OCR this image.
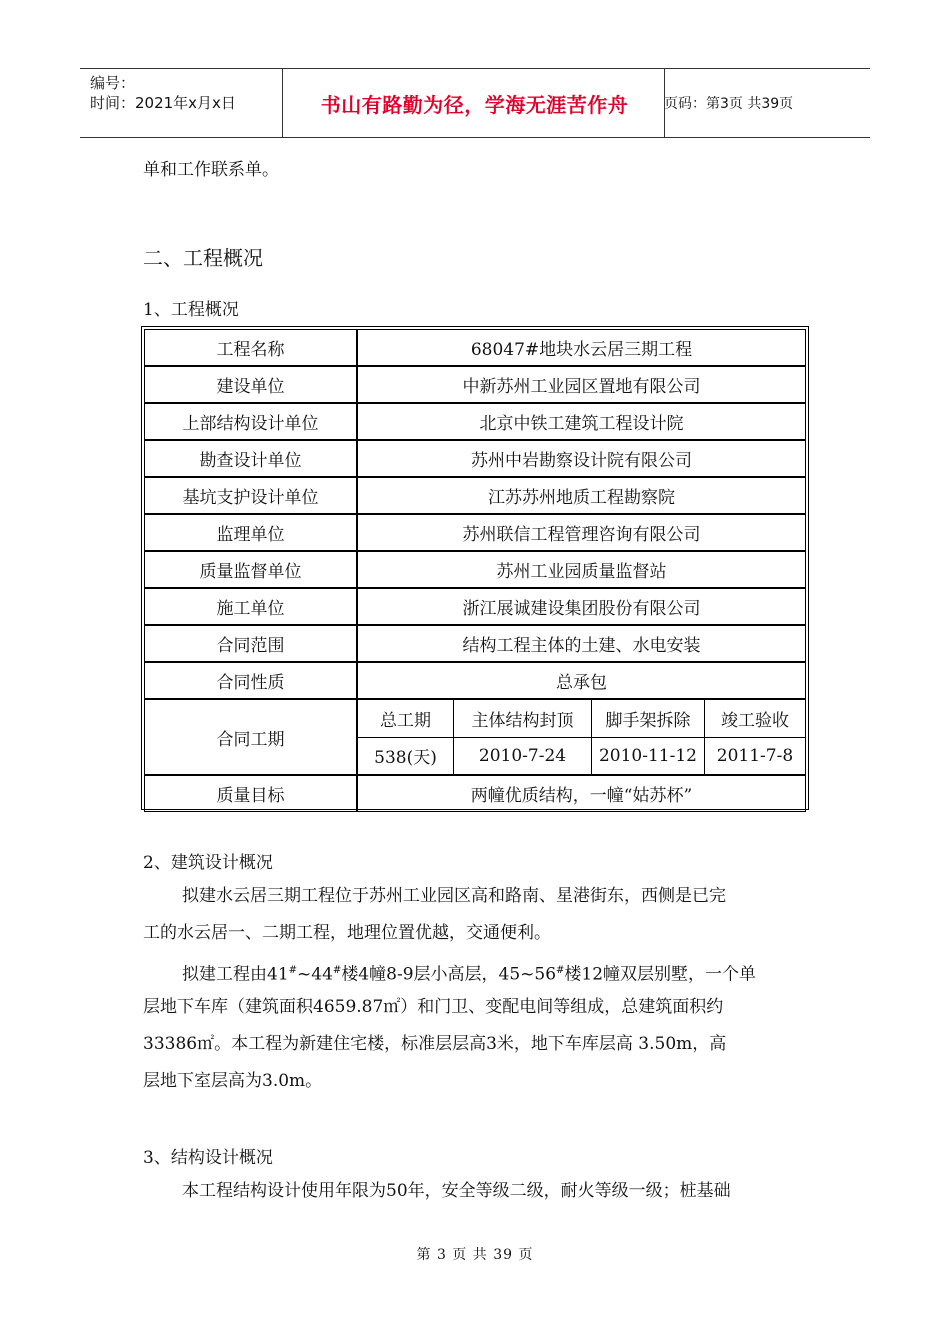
编号：
时间：2021年x月x日	书山有路勤为径，学海无涯苦作舟	页码：第3页 共39页
单和工作联系单。
二、工程概况
1、工程概况
工程名称	68047#地块水云居三期工程
建设单位	中新苏州工业园区置地有限公司
上部结构设计单位	北京中铁工建筑工程设计院
勘查设计单位	苏州中岩勘察设计院有限公司
基坑支护设计单位	江苏苏州地质工程勘察院
监理单位	苏州联信工程管理咨询有限公司
质量监督单位	苏州工业园质量监督站
施工单位	浙江展诚建设集团股份有限公司
合同范围	结构工程主体的土建、水电安装
合同性质	总承包
合同工期	
总工期	主体结构封顶	脚手架拆除	竣工验收
538(天)	2010-7-24	2010-11-12	2011-7-8

质量目标	两幢优质结构，一幢“姑苏杯”
2、建筑设计概况
拟建水云居三期工程位于苏州工业园区高和路南、星港街东，西侧是已完
工的水云居一、二期工程，地理位置优越，交通便利。
拟建工程由41#~44#楼4幢8-9层小高层，45~56#楼12幢双层别墅，一个单
层地下车库（建筑面积4659.87㎡）和门卫、变配电间等组成，总建筑面积约
33386㎡。本工程为新建住宅楼，标准层层高3米，地下车库层高 3.50m，高
层地下室层高为3.0m。
3、结构设计概况
本工程结构设计使用年限为50年，安全等级二级，耐火等级一级；桩基础
第 3 页 共 39 页
